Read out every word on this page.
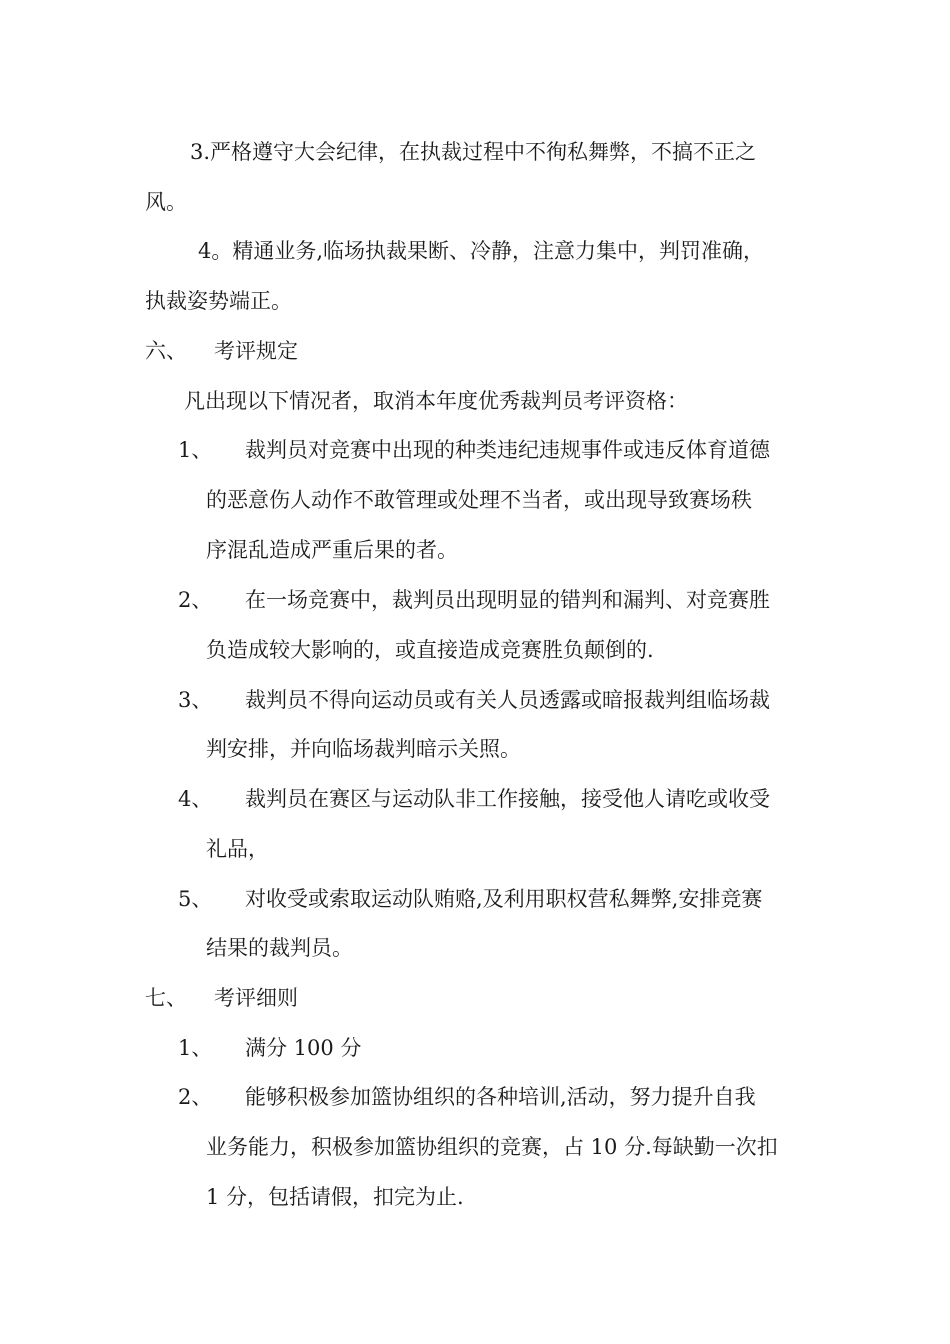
3.严格遵守大会纪律，在执裁过程中不徇私舞弊，不搞不正之
风。
4。精通业务,临场执裁果断、冷静，注意力集中，判罚准确，
执裁姿势端正。
六、 考评规定
凡出现以下情况者，取消本年度优秀裁判员考评资格：
1、 裁判员对竞赛中出现的种类违纪违规事件或违反体育道德
的恶意伤人动作不敢管理或处理不当者，或出现导致赛场秩
序混乱造成严重后果的者。
2、 在一场竞赛中，裁判员出现明显的错判和漏判、对竞赛胜
负造成较大影响的，或直接造成竞赛胜负颠倒的.
3、 裁判员不得向运动员或有关人员透露或暗报裁判组临场裁
判安排，并向临场裁判暗示关照。
4、 裁判员在赛区与运动队非工作接触，接受他人请吃或收受
礼品，
5、 对收受或索取运动队贿赂,及利用职权营私舞弊,安排竞赛
结果的裁判员。
七、 考评细则
1、 满分 100 分
2、 能够积极参加篮协组织的各种培训,活动，努力提升自我
业务能力，积极参加篮协组织的竞赛，占 10 分.每缺勤一次扣
1 分，包括请假，扣完为止.
